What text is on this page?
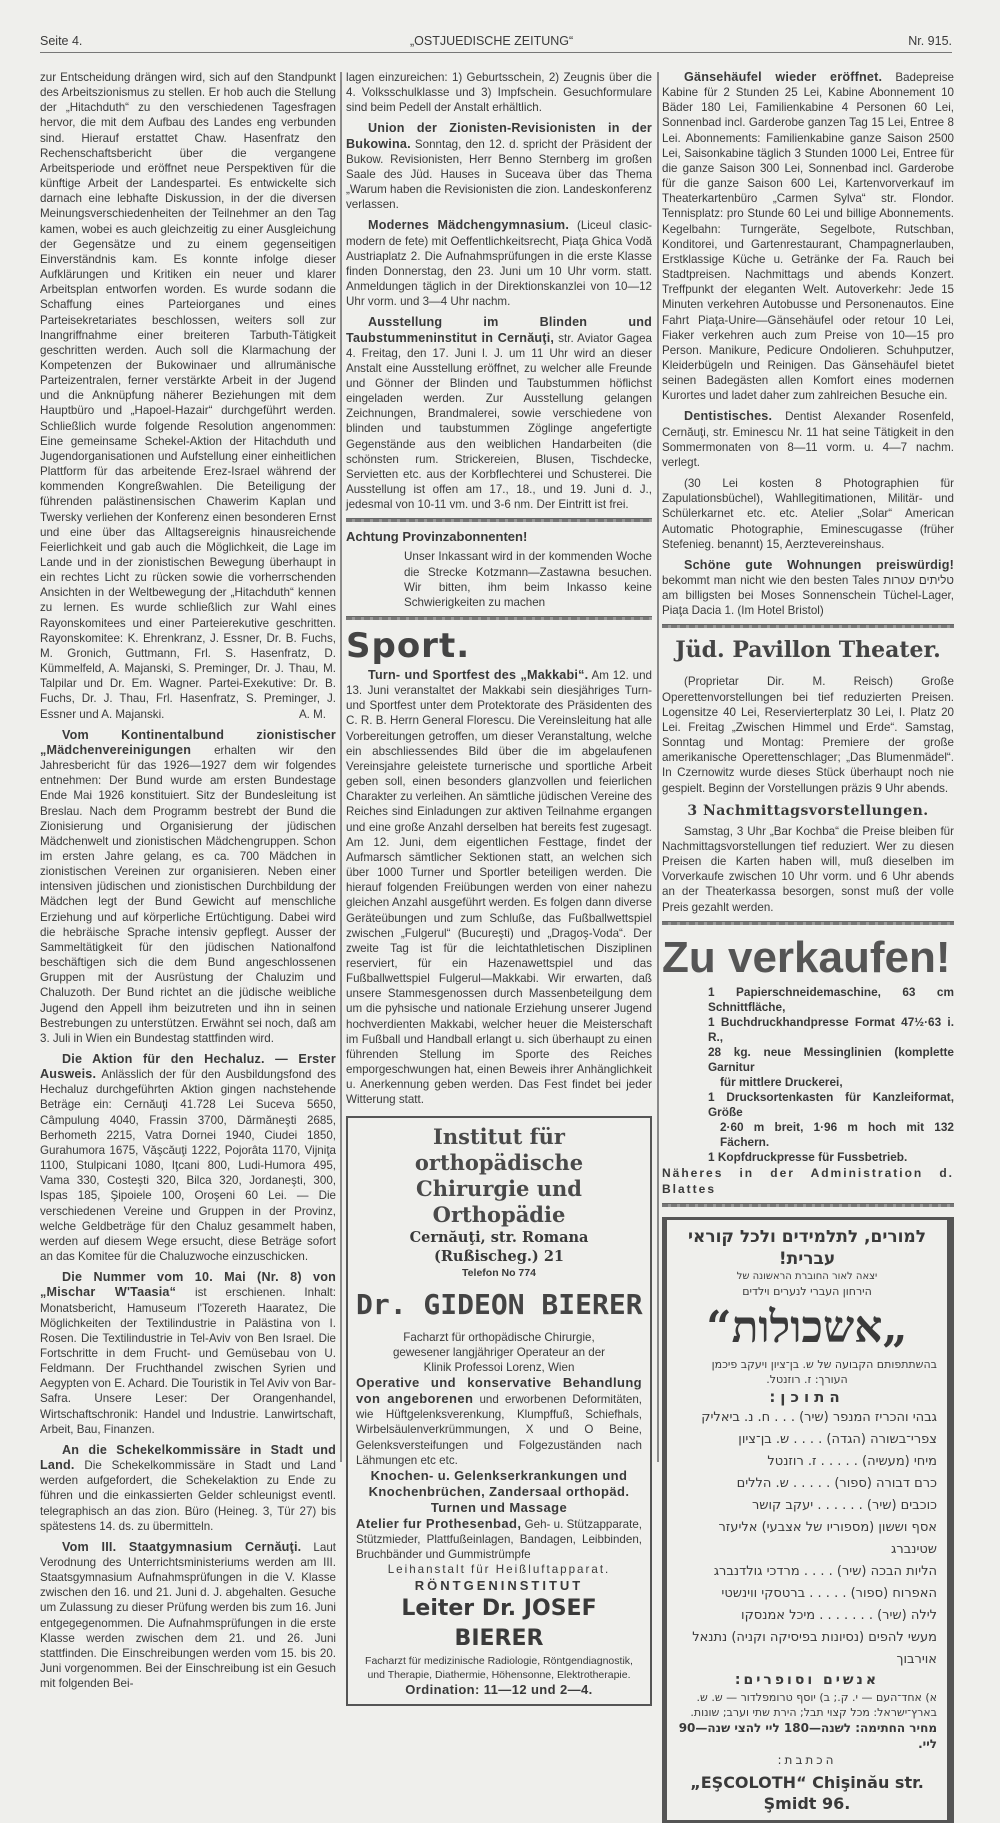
Seite 4.	„OSTJUEDISCHE ZEITUNG“	Nr. 915.

zur Entscheidung drängen wird, sich auf den Standpunkt des Arbeitszionismus zu stellen. Er hob auch die Stellung der „Hitachduth“ zu den verschiedenen Tagesfragen hervor, die mit dem Aufbau des Landes eng verbunden sind. Hierauf erstattet Chaw. Hasenfratz den Rechenschaftsbericht über die vergangene Arbeitsperiode und eröffnet neue Perspektiven für die künftige Arbeit der Landespartei. Es entwickelte sich darnach eine lebhafte Diskussion, in der die diversen Meinungsverschiedenheiten der Teilnehmer an den Tag kamen, wobei es auch gleichzeitig zu einer Ausgleichung der Gegensätze und zu einem gegenseitigen Einverständnis kam. Es konnte infolge dieser Aufklärungen und Kritiken ein neuer und klarer Arbeitsplan entworfen worden. Es wurde sodann die Schaffung eines Parteiorganes und eines Parteisekretariates beschlossen, weiters soll zur Inangriffnahme einer breiteren Tarbuth-Tätigkeit geschritten werden. Auch soll die Klarmachung der Kompetenzen der Bukowinaer und allrumänische Parteizentralen, ferner verstärkte Arbeit in der Jugend und die Anknüpfung näherer Beziehungen mit dem Hauptbüro und „Hapoel-Hazair“ durchgeführt werden. Schließlich wurde folgende Resolution angenommen: Eine gemeinsame Schekel-Aktion der Hitachduth und Jugendorganisationen und Aufstellung einer einheitlichen Plattform für das arbeitende Erez-Israel während der kommenden Kongreßwahlen. Die Beteiligung der führenden palästinensischen Chawerim Kaplan und Twersky verliehen der Konferenz einen besonderen Ernst und eine über das Alltagsereignis hinausreichende Feierlichkeit und gab auch die Möglichkeit, die Lage im Lande und in der zionistischen Bewegung überhaupt in ein rechtes Licht zu rücken sowie die vorherrschenden Ansichten in der Weltbewegung der „Hitachduth“ kennen zu lernen. Es wurde schließlich zur Wahl eines Rayonskomitees und einer Parteierekutive geschritten. Rayonskomitee: K. Ehrenkranz, J. Essner, Dr. B. Fuchs, M. Gronich, Guttmann, Frl. S. Hasenfratz, D. Kümmelfeld, A. Majanski, S. Preminger, Dr. J. Thau, M. Talpilar und Dr. Em. Wagner. Partei-Exekutive: Dr. B. Fuchs, Dr. J. Thau, Frl. Hasenfratz, S. Preminger, J. Essner und A. Majanski.	A. M.

Vom Kontinentalbund zionistischer „Mädchenvereinigungen erhalten wir den Jahresbericht für das 1926—1927 dem wir folgendes entnehmen: Der Bund wurde am ersten Bundestage Ende Mai 1926 konstituiert. Sitz der Bundesleitung ist Breslau. Nach dem Programm bestrebt der Bund die Zionisierung und Organisierung der jüdischen Mädchenwelt und zionistischen Mädchengruppen. Schon im ersten Jahre gelang, es ca. 700 Mädchen in zionistischen Vereinen zur organisieren. Neben einer intensiven jüdischen und zionistischen Durchbildung der Mädchen legt der Bund Gewicht auf menschliche Erziehung und auf körperliche Ertüchtigung. Dabei wird die hebräische Sprache intensiv gepflegt. Ausser der Sammeltätigkeit für den jüdischen Nationalfond beschäftigen sich die dem Bund angeschlossenen Gruppen mit der Ausrüstung der Chaluzim und Chaluzoth. Der Bund richtet an die jüdische weibliche Jugend den Appell ihm beizutreten und ihn in seinen Bestrebungen zu unterstützen. Erwähnt sei noch, daß am 3. Juli in Wien ein Bundestag stattfinden wird.

Die Aktion für den Hechaluz. — Erster Ausweis. Anlässlich der für den Ausbildungsfond des Hechaluz durchgeführten Aktion gingen nachstehende Beträge ein: Cernăuţi 41.728 Lei Suceva 5650, Câmpulung 4040, Frassin 3700, Dărmăneşti 2685, Berhometh 2215, Vatra Dornei 1940, Ciudei 1850, Gurahumora 1675, Văşcăuţi 1222, Pojorâta 1170, Vijniţa 1100, Stulpicani 1080, Iţcani 800, Ludi-Humora 495, Vama 330, Costeşti 320, Bilca 320, Jordaneşti, 300, Ispas 185, Şipoiele 100, Oroşeni 60 Lei. — Die verschiedenen Vereine und Gruppen in der Provinz, welche Geldbeträge für den Chaluz gesammelt haben, werden auf diesem Wege ersucht, diese Beträge sofort an das Komitee für die Chaluzwoche einzuschicken.

Die Nummer vom 10. Mai (Nr. 8) von „Mischar W'Taasia“ ist erschienen. Inhalt: Monatsbericht, Hamuseum l'Tozereth Haaratez, Die Möglichkeiten der Textilindustrie in Palästina von I. Rosen. Die Textilindustrie in Tel-Aviv von Ben Israel. Die Fortschritte in dem Frucht- und Gemüsebau von U. Feldmann. Der Fruchthandel zwischen Syrien und Aegypten von E. Achard. Die Touristik in Tel Aviv von Bar-Safra. Unsere Leser: Der Orangenhandel, Wirtschaftschronik: Handel und Industrie. Lanwirtschaft, Arbeit, Bau, Finanzen.

An die Schekelkommissäre in Stadt und Land. Die Schekelkommissäre in Stadt und Land werden aufgefordert, die Schekelaktion zu Ende zu führen und die einkassierten Gelder schleunigst eventl. telegraphisch an das zion. Büro (Heineg. 3, Tür 27) bis spätestens 14. ds. zu übermitteln.

Vom III. Staatgymnasium Cernăuţi. Laut Verodnung des Unterrichtsministeriums werden am III. Staatsgymnasium Aufnahmsprüfungen in die V. Klasse zwischen den 16. und 21. Juni d. J. abgehalten. Gesuche um Zulassung zu dieser Prüfung werden bis zum 16. Juni entgegegenommen. Die Aufnahmsprüfungen in die erste Klasse werden zwischen dem 21. und 26. Juni stattfinden. Die Einschreibungen werden vom 15. bis 20. Juni vorgenommen. Bei der Einschreibung ist ein Gesuch mit folgenden Bei-

lagen einzureichen: 1) Geburtsschein, 2) Zeugnis über die 4. Volksschulklasse und 3) Impfschein. Gesuchformulare sind beim Pedell der Anstalt erhältlich.

Union der Zionisten-Revisionisten in der Bukowina. Sonntag, den 12. d. spricht der Präsident der Bukow. Revisionisten, Herr Benno Sternberg im großen Saale des Jüd. Hauses in Suceava über das Thema „Warum haben die Revisionisten die zion. Landeskonferenz verlassen.

Modernes Mädchengymnasium. (Liceul clasic-modern de fete) mit Oeffentlichkeitsrecht, Piaţa Ghica Vodă Austriaplatz 2. Die Aufnahmsprüfungen in die erste Klasse finden Donnerstag, den 23. Juni um 10 Uhr vorm. statt. Anmeldungen täglich in der Direktionskanzlei von 10—12 Uhr vorm. und 3—4 Uhr nachm.

Ausstellung im Blinden und Taubstummeninstitut in Cernăuţi, str. Aviator Gagea 4. Freitag, den 17. Juni l. J. um 11 Uhr wird an dieser Anstalt eine Ausstellung eröffnet, zu welcher alle Freunde und Gönner der Blinden und Taubstummen höflichst eingeladen werden. Zur Ausstellung gelangen Zeichnungen, Brandmalerei, sowie verschiedene von blinden und taubstummen Zöglinge angefertigte Gegenstände aus den weiblichen Handarbeiten (die schönsten rum. Strickereien, Blusen, Tischdecke, Servietten etc. aus der Korbflechterei und Schusterei. Die Ausstellung ist offen am 17., 18., und 19. Juni d. J., jedesmal von 10-11 vm. und 3-6 nm. Der Eintritt ist frei.

Achtung Provinzabonnenten!
Unser Inkassant wird in der kommenden Woche die Strecke Kotzmann—Zastawna besuchen. Wir bitten, ihm beim Inkasso keine Schwierigkeiten zu machen
Sport.

Turn- und Sportfest des „Makkabi“. Am 12. und 13. Juni veranstaltet der Makkabi sein diesjähriges Turn- und Sportfest unter dem Protektorate des Präsidenten des C. R. B. Herrn General Florescu. Die Vereinsleitung hat alle Vorbereitungen getroffen, um dieser Veranstaltung, welche ein abschliessendes Bild über die im abgelaufenen Vereinsjahre geleistete turnerische und sportliche Arbeit geben soll, einen besonders glanzvollen und feierlichen Charakter zu verleihen. An sämtliche jüdischen Vereine des Reiches sind Einladungen zur aktiven Teilnahme ergangen und eine große Anzahl derselben hat bereits fest zugesagt. Am 12. Juni, dem eigentlichen Festtage, findet der Aufmarsch sämtlicher Sektionen statt, an welchen sich über 1000 Turner und Sportler beteiligen werden. Die hierauf folgenden Freiübungen werden von einer nahezu gleichen Anzahl ausgeführt werden. Es folgen dann diverse Geräteübungen und zum Schluße, das Fußballwettspiel zwischen „Fulgerul“ (Bucureşti) und „Dragoş-Voda“. Der zweite Tag ist für die leichtathletischen Disziplinen reserviert, für ein Hazenawettspiel und das Fußballwettspiel Fulgerul—Makkabi. Wir erwarten, daß unsere Stammesgenossen durch Massenbeteilgung dem um die pyhsische und nationale Erziehung unserer Jugend hochverdienten Makkabi, welcher heuer die Meisterschaft im Fußball und Handball erlangt u. sich überhaupt zu einen führenden Stellung im Sporte des Reiches emporgeschwungen hat, einen Beweis ihrer Anhänglichkeit u. Anerkennung geben werden. Das Fest findet bei jeder Witterung statt.

Institut für orthopädische
Chirurgie und Orthopädie
Cernăuţi, str. Romana (Rußischeg.) 21
Telefon No 774
Dr. GIDEON BIERER
Facharzt für orthopädische Chirurgie, gewesener langjähriger Operateur an der Klinik Professoi Lorenz, Wien
Operative und konservative Behandlung von angeborenen und erworbenen Deformitäten, wie Hüftgelenksverenkung, Klumpffuß, Schiefhals, Wirbelsäulenverkrümmungen, X und O Beine, Gelenksversteifungen und Folgezuständen nach Lähmungen etc etc.
Knochen- u. Gelenkserkrankungen und Knochenbrüchen, Zandersaal orthopäd. Turnen und Massage
Atelier fur Prothesenbad, Geh- u. Stützapparate, Stützmieder, Plattfußeinlagen, Bandagen, Leibbinden, Bruchbänder und Gummistrümpfe
Leihanstalt für Heißluftapparat.
RÖNTGENINSTITUT
Leiter Dr. JOSEF BIERER
Facharzt für medizinische Radiologie, Röntgendiagnostik, und Therapie, Diathermie, Höhensonne, Elektrotherapie.
Ordination: 11—12 und 2—4.

Gänsehäufel wieder eröffnet. Badepreise Kabine für 2 Stunden 25 Lei, Kabine Abonnement 10 Bäder 180 Lei, Familienkabine 4 Personen 60 Lei, Sonnenbad incl. Garderobe ganzen Tag 15 Lei, Entree 8 Lei. Abonnements: Familienkabine ganze Saison 2500 Lei, Saisonkabine täglich 3 Stunden 1000 Lei, Entree für die ganze Saison 300 Lei, Sonnenbad incl. Garderobe für die ganze Saison 600 Lei, Kartenvorverkauf im Theaterkartenbüro „Carmen Sylva“ str. Flondor. Tennisplatz: pro Stunde 60 Lei und billige Abonnements. Kegelbahn: Turngeräte, Segelbote, Rutschban, Konditorei, und Gartenrestaurant, Champagnerlauben, Erstklassige Küche u. Getränke der Fa. Rauch bei Stadtpreisen. Nachmittags und abends Konzert. Treffpunkt der eleganten Welt. Autoverkehr: Jede 15 Minuten verkehren Autobusse und Personenautos. Eine Fahrt Piaţa-Unire—Gänsehäufel oder retour 10 Lei, Fiaker verkehren auch zum Preise von 10—15 pro Person. Manikure, Pedicure Ondolieren. Schuhputzer, Kleiderbügeln und Reinigen. Das Gänsehäufel bietet seinen Badegästen allen Komfort eines modernen Kurortes und ladet daher zum zahlreichen Besuche ein.

Dentistisches. Dentist Alexander Rosenfeld, Cernăuţi, str. Eminescu Nr. 11 hat seine Tätigkeit in den Sommermonaten von 8—11 vorm. u. 4—7 nachm. verlegt.

(30 Lei kosten 8 Photographien für Zapulationsbüchel), Wahllegitimationen, Militär- und Schülerkarnet etc. etc. Atelier „Solar“ American Automatic Photographie, Eminescugasse (früher Stefenieg. benannt) 15, Aerztevereinshaus.

Schöne gute Wohnungen preiswürdig! bekommt man nicht wie den besten Tales טליתים עטרות am billigsten bei Moses Sonnenschein Tüchel-Lager, Piaţa Dacia 1. (Im Hotel Bristol)

Jüd. Pavillon Theater.

(Proprietar Dir. M. Reisch) Große Operettenvorstellungen bei tief reduzierten Preisen. Logensitze 40 Lei, Reservierterplatz 30 Lei, I. Platz 20 Lei. Freitag „Zwischen Himmel und Erde“. Samstag, Sonntag und Montag: Premiere der große amerikanische Operettenschlager; „Das Blumenmädel“. In Czernowitz wurde dieses Stück überhaupt noch nie gespielt. Beginn der Vorstellungen präzis 9 Uhr abends.

3 Nachmittagsvorstellungen.

Samstag, 3 Uhr „Bar Kochba“ die Preise bleiben für Nachmittagsvorstellungen tief reduziert. Wer zu diesen Preisen die Karten haben will, muß dieselben im Vorverkaufe zwischen 10 Uhr vorm. und 6 Uhr abends an der Theaterkassa besorgen, sonst muß der volle Preis gezahlt werden.

Zu verkaufen!
1 Papierschneidemaschine, 63 cm Schnittfläche,
1 Buchdruckhandpresse Format 47½·63 i. R.,
28 kg. neue Messinglinien (komplette Garnitur
für mittlere Druckerei,
1 Drucksortenkasten für Kanzleiformat, Größe
2·60 m breit, 1·96 m hoch mit 132 Fächern.
1 Kopfdruckpresse für Fussbetrieb.
Näheres in der Administration d. Blattes
למורים, לתלמידים ולכל קוראי עברית!
יצאה לאור החוברת הראשונה של
הירחון העברי לנערים וילדים
„אשכולות“
בהשתתפותם הקבועה של ש. בן־ציון ויעקב פיכמן
העורך: ז. רוזנטל.
התוכן:
גבהי והכריז המנפר (שיר) . . . ח. נ. ביאליק
צפרי־בשורה (הגדה) . . . . ש. בן־ציון
מיחי (מעשיה) . . . . . ז. רוזנטל
כרם דבורה (ספור) . . . . . ש. הללים
כוכבים (שיר) . . . . . . יעקב קושר
אסף וששון (מספוריו של אצבעי) אליעזר שטינברג
הליות הבכה (שיר) . . . . מרדכי גולדנברג
האפרוח (ספור) . . . . . ברטסקי ווינשטי
לילה (שיר) . . . . . . . מיכל אמנסקו
מעשי להפים (נסיונות בפיסיקה וקניה) נתנאל אוירבוך
אנשים וסופרים:
א) אחד־העם — י. ק.; ב) יוסף טרומפלדור — ש. ש.
בארץ־ישראל: מכל קצוי תבל; הירת שתי וערב; שונות.
מחיר החתימה: לשנה—180 ליי להצי שנה—90 ליי.
הכתבת:
„EŞCOLOTH“ Chişinău str. Şmidt 96.
